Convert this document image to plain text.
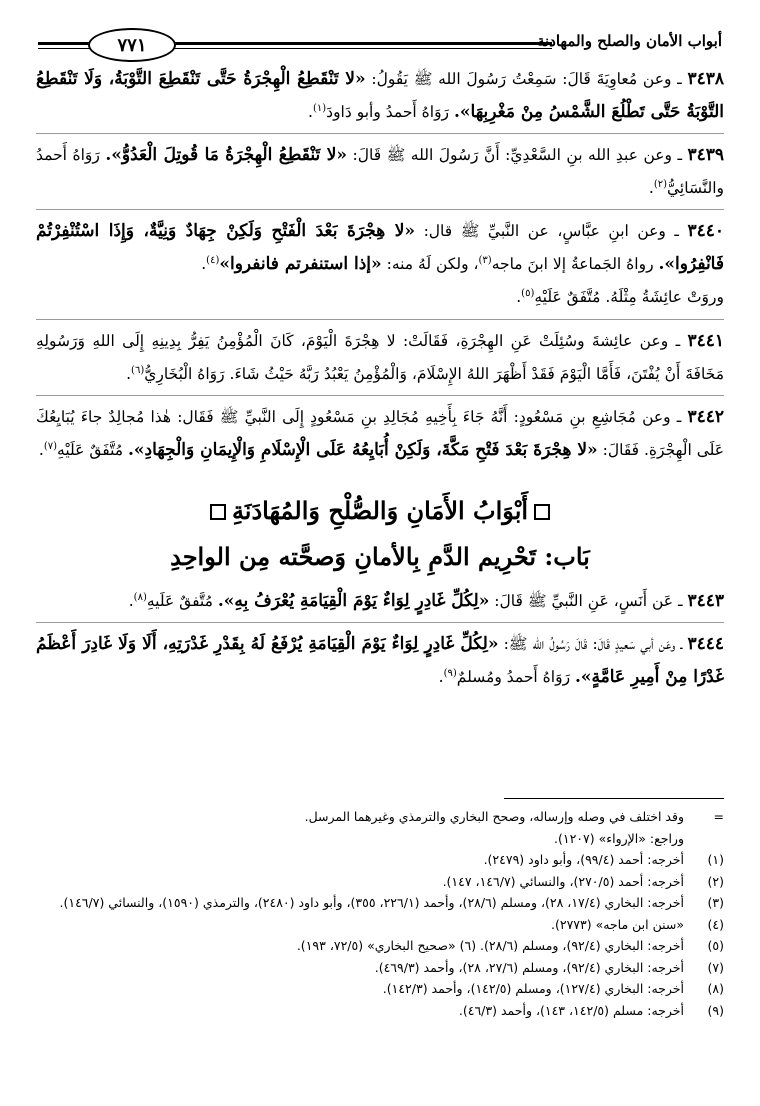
٧٧١	أبواب الأمان والصلح والمهادنة

٣٤٣٨ ـ وعن مُعاوِيَةَ قَالَ: سَمِعْتُ رَسُولَ الله ﷺ يَقُولُ: «لا تَنْقَطِعُ الْهِجْرَةُ حَتَّى تَنْقَطِعَ التَّوْبَةُ، وَلَا تَنْقَطِعُ التَّوْبَةُ حَتَّى تَطْلُعَ الشَّمْسُ مِنْ مَغْرِبِهَا». رَوَاهُ أَحمدُ وأبو دَاودَ$^{(١)}$.

٣٤٣٩ ـ وعن عبدِ الله بنِ السَّعْدِيِّ: أَنَّ رَسُولَ الله ﷺ قَالَ: «لا تَنْقَطِعُ الْهِجْرَةُ مَا قُوتِلَ الْعَدُوُّ». رَوَاهُ أَحمدُ والنَّسَائِيُّ$^{(٢)}$.

٣٤٤٠ ـ وعن ابنِ عبَّاسٍ، عن النَّبيِّ ﷺ قال: «لا هِجْرَةَ بَعْدَ الْفَتْحِ وَلَكِنْ جِهَادٌ وَنِيَّةٌ، وَإِذَا اسْتُنْفِرْتُمْ فَانْفِرُوا». رواهُ الجَماعةُ إلا ابنَ ماجه$^{(٣)}$، ولكن لَهُ منه: «إذا استنفرتم فانفروا»$^{(٤)}$.
وروَتْ عائِشَةُ مِثْلَهُ. مُتَّفَقٌ عَلَيْهِ$^{(٥)}$.

٣٤٤١ ـ وعن عائِشةَ وسُئِلَتْ عَنِ الهِجْرَةِ، فَقَالَتْ: لا هِجْرَةَ الْيَوْمَ، كَانَ الْمُؤْمِنُ يَفِرُّ بِدِينِهِ إِلَى اللهِ وَرَسُولِهِ مَخَافَةَ أَنْ يُفْتَنَ، فَأَمَّا الْيَوْمَ فَقَدْ أَظْهَرَ اللهُ الإِسْلَامَ، وَالْمُؤْمِنُ يَعْبُدُ رَبَّهُ حَيْثُ شَاءَ. رَوَاهُ الْبُخَارِيُّ$^{(٦)}$.

٣٤٤٢ ـ وعن مُجَاشِعِ بنِ مَسْعُودٍ: أَنَّهُ جَاءَ بِأَخِيهِ مُجَالِدِ بنِ مَسْعُودٍ إِلَى النَّبيِّ ﷺ فَقَال: هٰذا مُجالِدٌ جاءَ يُبَايِعُكَ عَلَى الْهِجْرَةِ. فَقَالَ: «لا هِجْرَةَ بَعْدَ فَتْحِ مَكَّةَ، وَلَكِنْ أُبَايِعُهُ عَلَى الْإِسْلَامِ وَالْإِيمَانِ وَالْجِهَادِ». مُتَّفَقٌ عَلَيْهِ$^{(٧)}$.

أَبْوَابُ الأَمَانِ وَالصُّلْحِ وَالمُهَادَنَةِ
بَاب: تَحْرِيم الدَّمِ بِالأمانِ وَصحَّته مِن الواحِدِ

٣٤٤٣ ـ عَن أَنَسٍ، عَنِ النَّبيِّ ﷺ قَالَ: «لِكُلِّ غَادِرٍ لِوَاءٌ يَوْمَ الْقِيَامَةِ يُعْرَفُ بِهِ». مُتَّفقٌ عَلَيهِ$^{(٨)}$.

٣٤٤٤ ـ وعَن أبي سَعيدٍ قَالَ: قَالَ رَسُولُ الله ﷺ: «لِكُلِّ غَادِرٍ لِوَاءٌ يَوْمَ الْقِيَامَةِ يُرْفَعُ لَهُ بِقَدْرِ غَدْرَتِهِ، أَلَا وَلَا غَادِرَ أَعْظَمُ غَدْرًا مِنْ أَمِيرِ عَامَّةٍ». رَوَاهُ أَحمدُ ومُسلمٌ$^{(٩)}$.

=
وقد اختلف في وصله وإرساله، وصحح البخاري والترمذي وغيرهما المرسل.
وراجع: «الإرواء» (١٢٠٧).
(١)
أخرجه: أحمد (٩٩/٤)، وأبو داود (٢٤٧٩).
(٢)
أخرجه: أحمد (٢٧٠/٥)، والنسائي (١٤٦/٧، ١٤٧).
(٣)
أخرجه: البخاري (١٧/٤، ٢٨)، ومسلم (٢٨/٦)، وأحمد (٢٢٦/١، ٣٥٥)، وأبو داود (٢٤٨٠)، والترمذي (١٥٩٠)، والنسائي (١٤٦/٧).
(٤)
«سنن ابن ماجه» (٢٧٧٣).
(٥)
أخرجه: البخاري (٩٢/٤)، ومسلم (٢٨/٦). (٦) «صحيح البخاري» (٧٢/٥، ١٩٣).
(٧)
أخرجه: البخاري (٩٢/٤)، ومسلم (٢٧/٦، ٢٨)، وأحمد (٤٦٩/٣).
(٨)
أخرجه: البخاري (١٢٧/٤)، ومسلم (١٤٢/٥)، وأحمد (١٤٢/٣).
(٩)
أخرجه: مسلم (١٤٢/٥، ١٤٣)، وأحمد (٤٦/٣).
